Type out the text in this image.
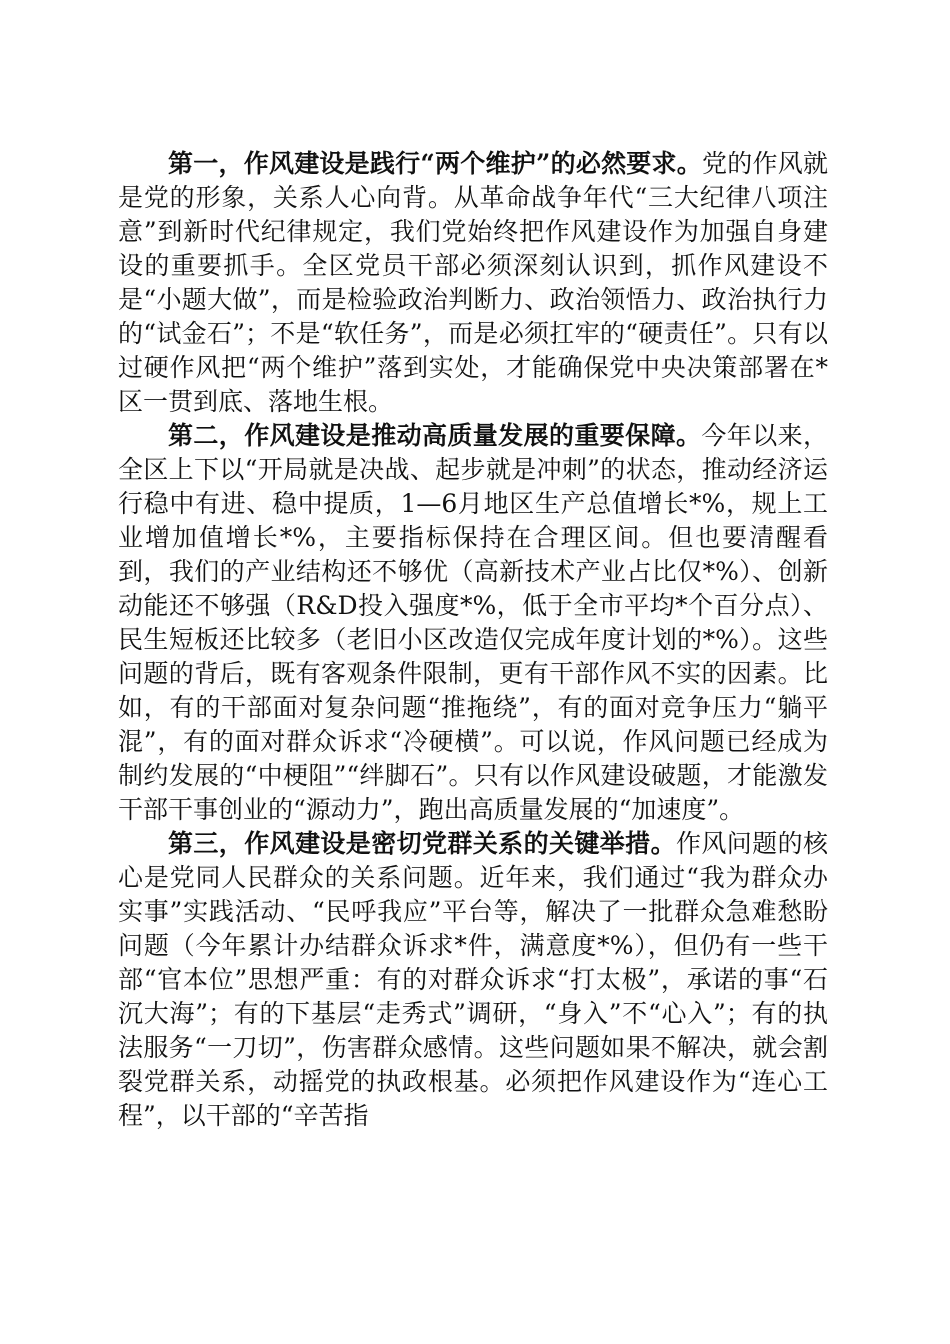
第一，作风建设是践行“两个维护”的必然要求。党的作风就是党的形象，关系人心向背。从革命战争年代“三大纪律八项注意”到新时代纪律规定，我们党始终把作风建设作为加强自身建设的重要抓手。全区党员干部必须深刻认识到，抓作风建设不是“小题大做”，而是检验政治判断力、政治领悟力、政治执行力的“试金石”；不是“软任务”，而是必须扛牢的“硬责任”。只有以过硬作风把“两个维护”落到实处，才能确保党中央决策部署在*区一贯到底、落地生根。

第二，作风建设是推动高质量发展的重要保障。今年以来，全区上下以“开局就是决战、起步就是冲刺”的状态，推动经济运行稳中有进、稳中提质，1—6月地区生产总值增长*%，规上工业增加值增长*%，主要指标保持在合理区间。但也要清醒看到，我们的产业结构还不够优（高新技术产业占比仅*%）、创新动能还不够强（R&D投入强度*%，低于全市平均*个百分点）、民生短板还比较多（老旧小区改造仅完成年度计划的*%）。这些问题的背后，既有客观条件限制，更有干部作风不实的因素。比如，有的干部面对复杂问题“推拖绕”，有的面对竞争压力“躺平混”，有的面对群众诉求“冷硬横”。可以说，作风问题已经成为制约发展的“中梗阻”“绊脚石”。只有以作风建设破题，才能激发干部干事创业的“源动力”，跑出高质量发展的“加速度”。

第三，作风建设是密切党群关系的关键举措。作风问题的核心是党同人民群众的关系问题。近年来，我们通过“我为群众办实事”实践活动、“民呼我应”平台等，解决了一批群众急难愁盼问题（今年累计办结群众诉求*件，满意度*%），但仍有一些干部“官本位”思想严重：有的对群众诉求“打太极”，承诺的事“石沉大海”；有的下基层“走秀式”调研，“身入”不“心入”；有的执法服务“一刀切”，伤害群众感情。这些问题如果不解决，就会割裂党群关系，动摇党的执政根基。必须把作风建设作为“连心工程”，以干部的“辛苦指
